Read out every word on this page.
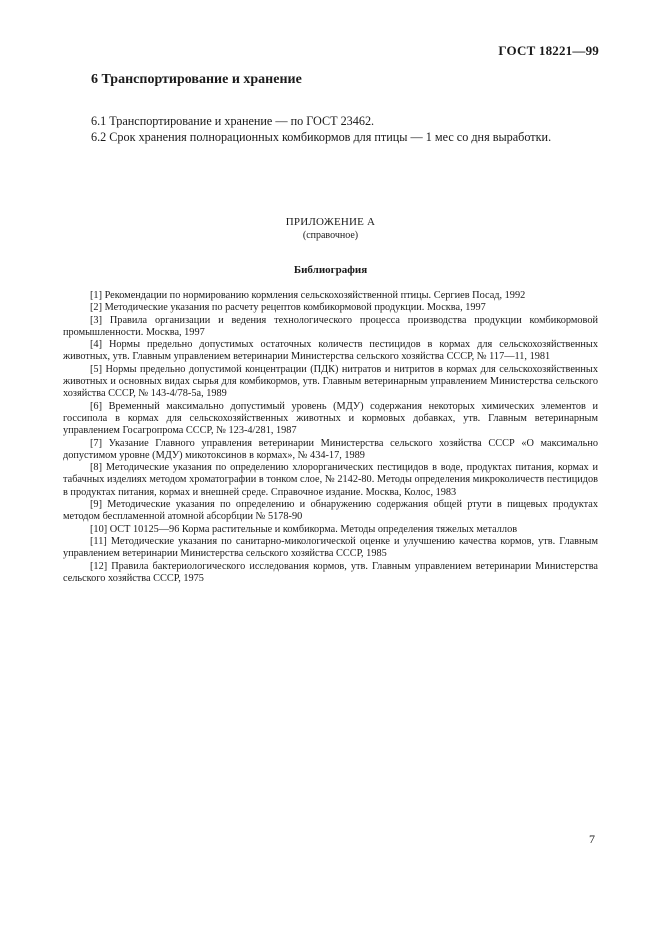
ГОСТ 18221—99
6 Транспортирование и хранение

6.1 Транспортирование и хранение — по ГОСТ 23462.

6.2 Срок хранения полнорационных комбикормов для птицы — 1 мес со дня выработки.

ПРИЛОЖЕНИЕ А
(справочное)
Библиография

[1] Рекомендации по нормированию кормления сельскохозяйственной птицы. Сергиев Посад, 1992

[2] Методические указания по расчету рецептов комбикормовой продукции. Москва, 1997

[3] Правила организации и ведения технологического процесса производства продукции комбикормовой промышленности. Москва, 1997

[4] Нормы предельно допустимых остаточных количеств пестицидов в кормах для сельскохозяйственных животных, утв. Главным управлением ветеринарии Министерства сельского хозяйства СССР, № 117—11, 1981

[5] Нормы предельно допустимой концентрации (ПДК) нитратов и нитритов в кормах для сельскохозяйственных животных и основных видах сырья для комбикормов, утв. Главным ветеринарным управлением Министерства сельского хозяйства СССР, № 143-4/78-5а, 1989

[6] Временный максимально допустимый уровень (МДУ) содержания некоторых химических элементов и госсипола в кормах для сельскохозяйственных животных и кормовых добавках, утв. Главным ветеринарным управлением Госагропрома СССР, № 123-4/281, 1987

[7] Указание Главного управления ветеринарии Министерства сельского хозяйства СССР «О максимально допустимом уровне (МДУ) микотоксинов в кормах», № 434-17, 1989

[8] Методические указания по определению хлорорганических пестицидов в воде, продуктах питания, кормах и табачных изделиях методом хроматографии в тонком слое, № 2142-80. Методы определения микроколичеств пестицидов в продуктах питания, кормах и внешней среде. Справочное издание. Москва, Колос, 1983

[9] Методические указания по определению и обнаружению содержания общей ртути в пищевых продуктах методом беспламенной атомной абсорбции № 5178-90

[10] ОСТ 10125—96 Корма растительные и комбикорма. Методы определения тяжелых металлов

[11] Методические указания по санитарно-микологической оценке и улучшению качества кормов, утв. Главным управлением ветеринарии Министерства сельского хозяйства СССР, 1985

[12] Правила бактериологического исследования кормов, утв. Главным управлением ветеринарии Министерства сельского хозяйства СССР, 1975

7
